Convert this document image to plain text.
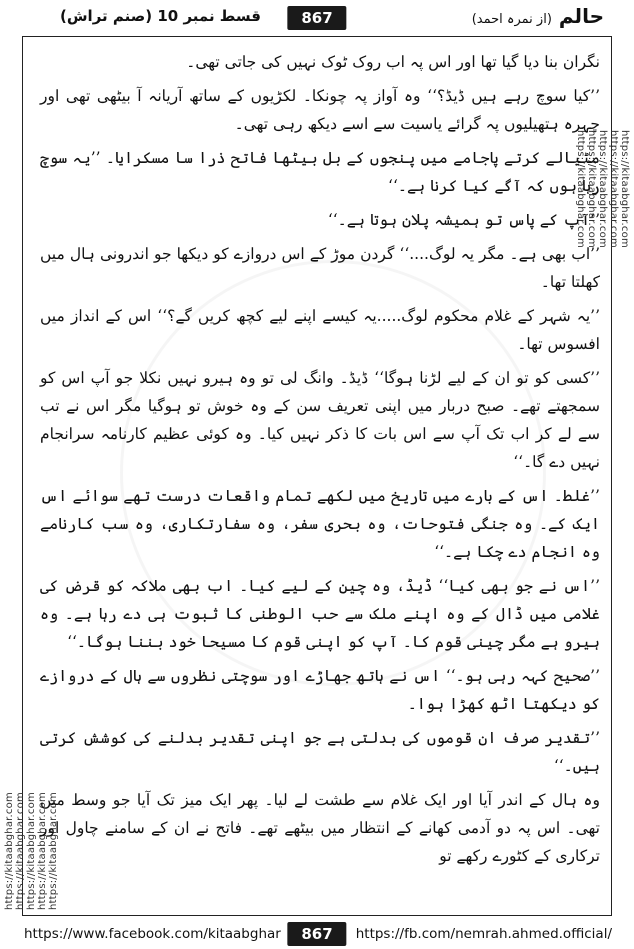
قسط نمبر 10 (صنم تراش)	867	حالم (از نمرہ احمد)
https://kitaabghar.com https://kitaabghar.com https://kitaabghar.com https://kitaabghar.com https://kitaabghar.com
https://kitaabghar.com
https://kitaabghar.com
https://kitaabghar.com
https://kitaabghar.com
https://kitaabghar.com

نگران بنا دیا گیا تھا اور اس پہ اب روک ٹوک نہیں کی جاتی تھی۔

’’کیا سوچ رہے ہیں ڈیڈ؟‘‘ وہ آواز پہ چونکا۔ لکڑیوں کے ساتھ آریانہ آ بیٹھی تھی اور چہرہ ہتھیلیوں پہ گرائے یاسیت سے اسے دیکھ رہی تھی۔

مٹیالے کرتے پاجامے میں پنجوں کے بل بیٹھا فاتح ذرا سا مسکرایا۔ ’’یہ سوچ رہا ہوں کہ آگے کیا کرنا ہے۔‘‘

’’آپ کے پاس تو ہمیشہ پلان ہوتا ہے۔‘‘

’’اب بھی ہے۔ مگر یہ لوگ....‘‘ گردن موڑ کے اس دروازے کو دیکھا جو اندرونی ہال میں کھلتا تھا۔

’’یہ شہر کے غلام محکوم لوگ.....یہ کیسے اپنے لیے کچھ کریں گے؟‘‘ اس کے انداز میں افسوس تھا۔

’’کسی کو تو ان کے لیے لڑنا ہوگا‘‘ ڈیڈ۔ وانگ لی تو وہ ہیرو نہیں نکلا جو آپ اس کو سمجھتے تھے۔ صبح دربار میں اپنی تعریف سن کے وہ خوش تو ہوگیا مگر اس نے تب سے لے کر اب تک آپ سے اس بات کا ذکر نہیں کیا۔ وہ کوئی عظیم کارنامہ سرانجام نہیں دے گا۔‘‘

’’غلط۔ اس کے بارے میں تاریخ میں لکھے تمام واقعات درست تھے سوائے اس ایک کے۔ وہ جنگی فتوحات، وہ بحری سفر، وہ سفارتکاری، وہ سب کارنامے وہ انجام دے چکا ہے۔‘‘

’’اس نے جو بھی کیا‘‘ ڈیڈ، وہ چین کے لیے کیا۔ اب بھی ملاکہ کو قرض کی غلامی میں ڈال کے وہ اپنے ملک سے حب الوطنی کا ثبوت ہی دے رہا ہے۔ وہ ہیرو ہے مگر چینی قوم کا۔ آپ کو اپنی قوم کا مسیحا خود بننا ہوگا۔‘‘

’’صحیح کہہ رہی ہو۔‘‘ اس نے ہاتھ جھاڑے اور سوچتی نظروں سے ہال کے دروازے کو دیکھتا اٹھ کھڑا ہوا۔

’’تقدیر صرف ان قوموں کی بدلتی ہے جو اپنی تقدیر بدلنے کی کوشش کرتی ہیں۔‘‘

وہ ہال کے اندر آیا اور ایک غلام سے طشت لے لیا۔ پھر ایک میز تک آیا جو وسط میں تھی۔ اس پہ دو آدمی کھانے کے انتظار میں بیٹھے تھے۔ فاتح نے ان کے سامنے چاول اور ترکاری کے کٹورے رکھے تو

https://www.facebook.com/kitaabghar	867	https://fb.com/nemrah.ahmed.official/
